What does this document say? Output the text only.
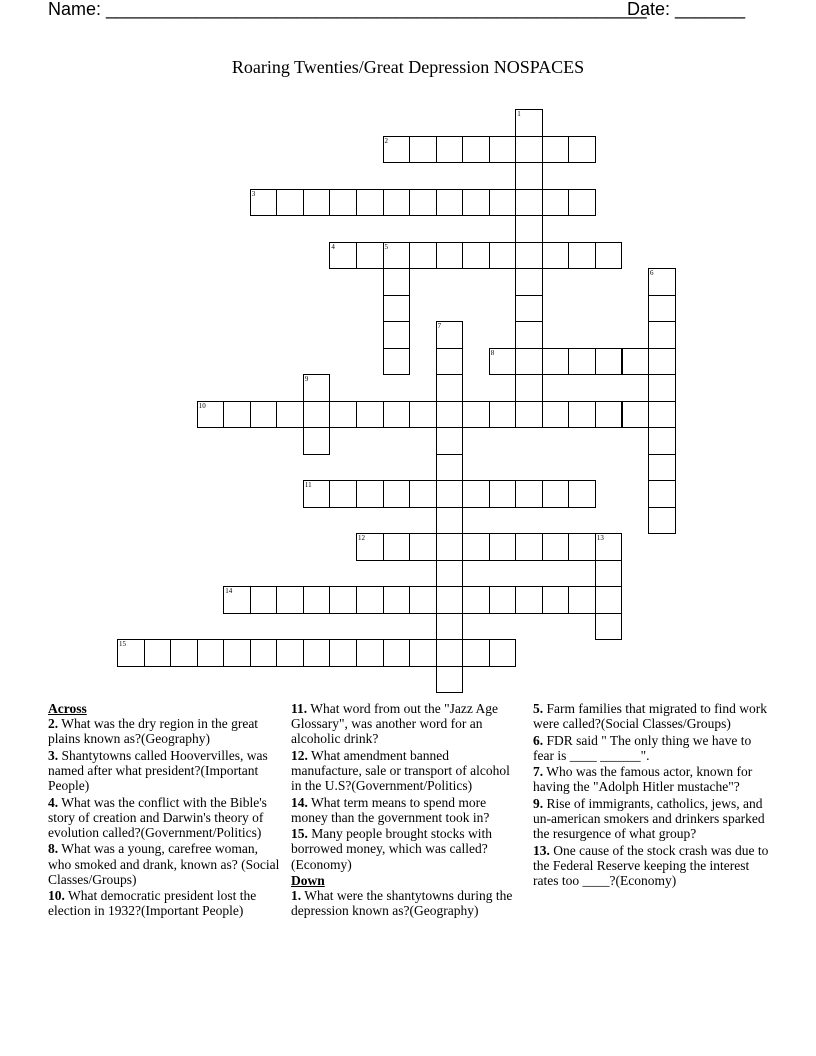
Name: ______________________________________________________
Date: _______
Roaring Twenties/Great Depression NOSPACES
1
2
3
4	5
6
7
8
9
10
11
12	13
14
15
Across
2. What was the dry region in the great plains known as?(Geography)
3. Shantytowns called Hoovervilles, was named after what president?(Important People)
4. What was the conflict with the Bible's story of creation and Darwin's theory of evolution called?(Government/Politics)
8. What was a young, carefree woman, who smoked and drank, known as? (Social Classes/Groups)
10. What democratic president lost the election in 1932?(Important People)
11. What word from out the "Jazz Age Glossary", was another word for an alcoholic drink?
12. What amendment banned manufacture, sale or transport of alcohol in the U.S?(Government/Politics)
14. What term means to spend more money than the government took in?
15. Many people brought stocks with borrowed money, which was called?(Economy)
Down
1. What were the shantytowns during the depression known as?(Geography)
5. Farm families that migrated to find work were called?(Social Classes/Groups)
6. FDR said " The only thing we have to fear is ____ ______".
7. Who was the famous actor, known for having the "Adolph Hitler mustache"?
9. Rise of immigrants, catholics, jews, and un-american smokers and drinkers sparked the resurgence of what group?
13. One cause of the stock crash was due to the Federal Reserve keeping the interest rates too ____?(Economy)
